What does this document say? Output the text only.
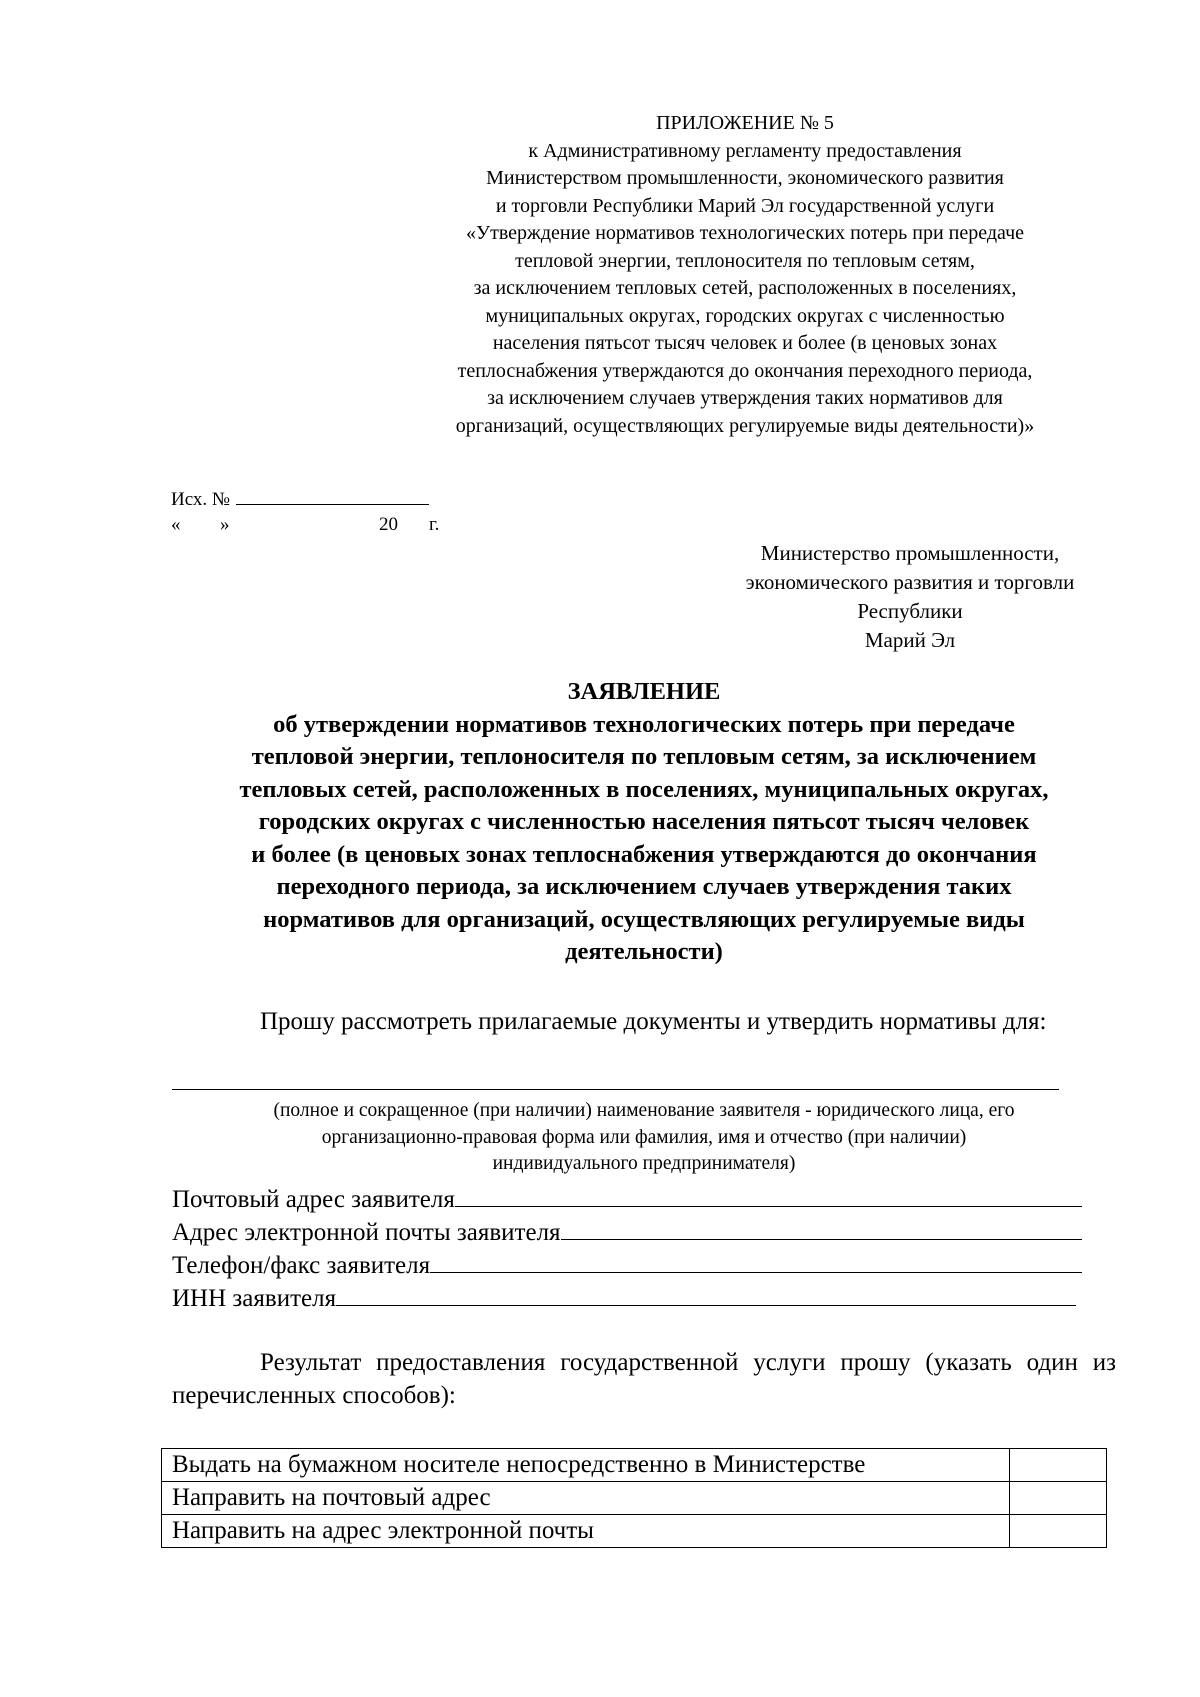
ПРИЛОЖЕНИЕ № 5
к Административному регламенту предоставления
Министерством промышленности, экономического развития
и торговли Республики Марий Эл государственной услуги
«Утверждение нормативов технологических потерь при передаче
тепловой энергии, теплоносителя по тепловым сетям,
за исключением тепловых сетей, расположенных в поселениях,
муниципальных округах, городских округах с численностью
населения пятьсот тысяч человек и более (в ценовых зонах
теплоснабжения утверждаются до окончания переходного периода,
за исключением случаев утверждения таких нормативов для
организаций, осуществляющих регулируемые виды деятельности)»
Исх. №
« »	20 г.
Министерство промышленности,
экономического развития и торговли
Республики
Марий Эл
ЗАЯВЛЕНИЕ
об утверждении нормативов технологических потерь при передаче
тепловой энергии, теплоносителя по тепловым сетям, за исключением
тепловых сетей, расположенных в поселениях, муниципальных округах,
городских округах с численностью населения пятьсот тысяч человек
и более (в ценовых зонах теплоснабжения утверждаются до окончания
переходного периода, за исключением случаев утверждения таких
нормативов для организаций, осуществляющих регулируемые виды
деятельности)
Прошу рассмотреть прилагаемые документы и утвердить нормативы для:
(полное и сокращенное (при наличии) наименование заявителя - юридического лица, его
организационно-правовая форма или фамилия, имя и отчество (при наличии)
индивидуального предпринимателя)
Почтовый адрес заявителя
Адрес электронной почты заявителя
Телефон/факс заявителя
ИНН заявителя
Результат предоставления государственной услуги прошу (указать один из перечисленных способов):
Выдать на бумажном носителе непосредственно в Министерстве	
Направить на почтовый адрес	
Направить на адрес электронной почты	
